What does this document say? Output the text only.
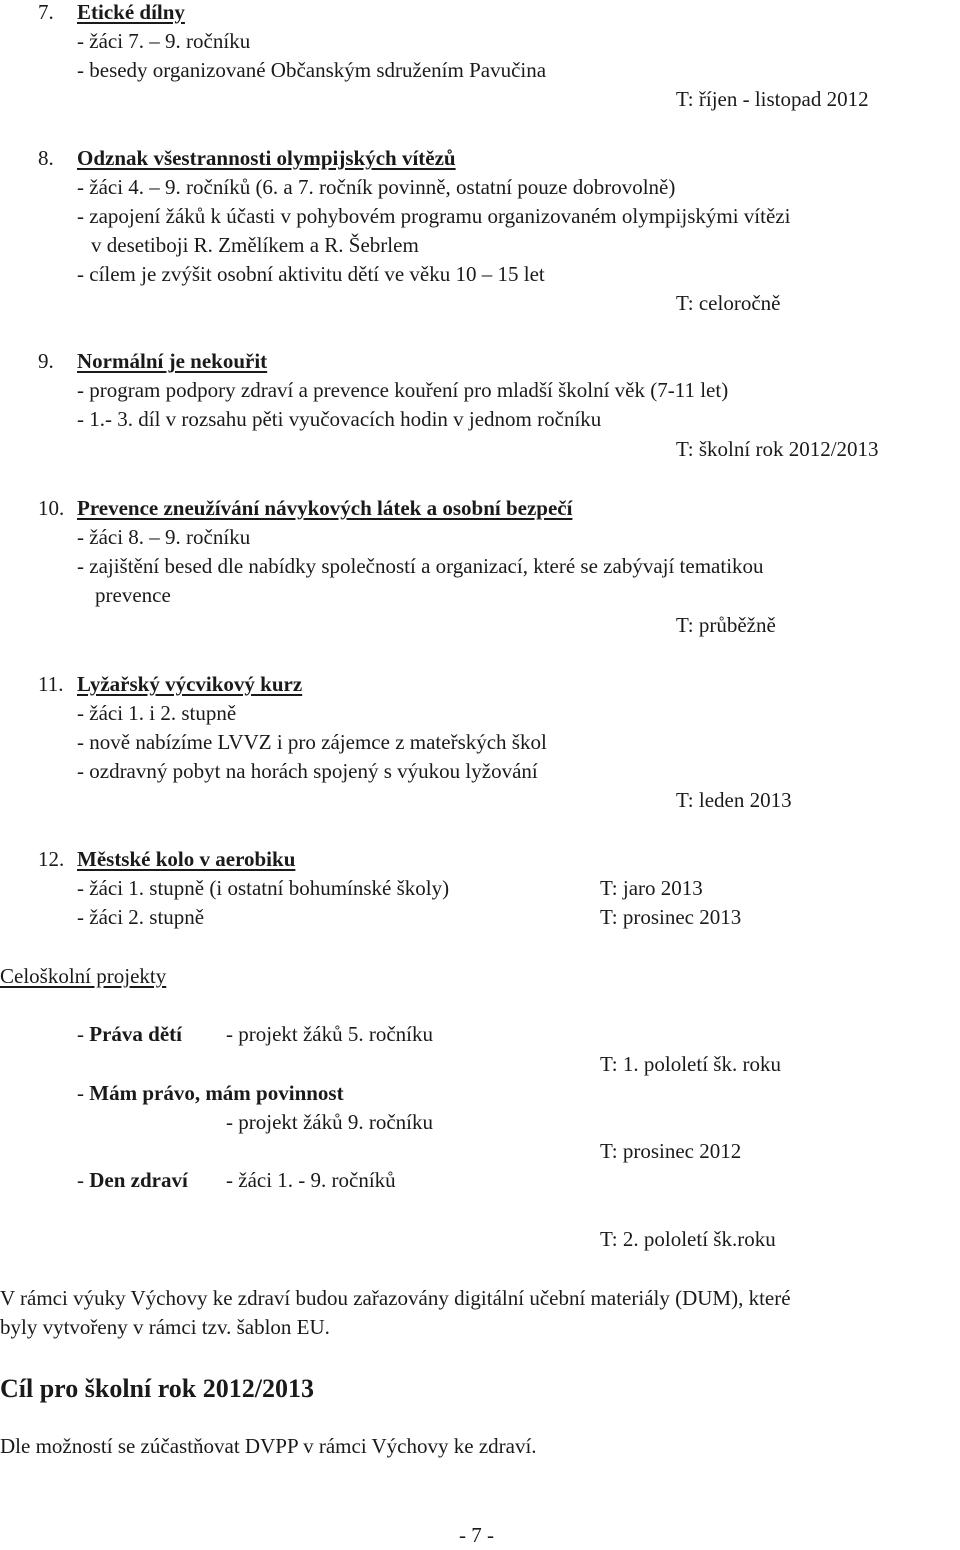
7. Etické dílny
- žáci 7. – 9. ročníku
- besedy organizované Občanským sdružením Pavučina
T: říjen - listopad 2012
8. Odznak všestrannosti olympijských vítězů
- žáci 4. – 9. ročníků (6. a 7. ročník povinně, ostatní pouze dobrovolně)
- zapojení žáků k účasti v pohybovém programu organizovaném olympijskými vítězi
v desetiboji R. Změlíkem a R. Šebrlem
- cílem je zvýšit osobní aktivitu dětí ve věku 10 – 15 let
T: celoročně
9. Normální je nekouřit
- program podpory zdraví a prevence kouření pro mladší školní věk (7-11 let)
- 1.- 3. díl v rozsahu pěti vyučovacích hodin v jednom ročníku
T: školní rok 2012/2013
10. Prevence zneužívání návykových látek a osobní bezpečí
- žáci 8. – 9. ročníku
- zajištění besed dle nabídky společností a organizací, které se zabývají tematikou
prevence
T: průběžně
11. Lyžařský výcvikový kurz
- žáci 1. i 2. stupně
- nově nabízíme LVVZ i pro zájemce z mateřských škol
- ozdravný pobyt na horách spojený s výukou lyžování
T: leden 2013
12. Městské kolo v aerobiku
- žáci 1. stupně (i ostatní bohumínské školy)	T: jaro 2013
- žáci 2. stupně	T: prosinec 2013
Celoškolní projekty
- Práva dětí - projekt žáků 5. ročníku
T: 1. pololetí šk. roku
- Mám právo, mám povinnost
- projekt žáků 9. ročníku
T: prosinec 2012
- Den zdraví - žáci 1. - 9. ročníků
T: 2. pololetí šk.roku
V rámci výuky Výchovy ke zdraví budou zařazovány digitální učební materiály (DUM), které
byly vytvořeny v rámci tzv. šablon EU.
Cíl pro školní rok 2012/2013
Dle možností se zúčastňovat DVPP v rámci Výchovy ke zdraví.
- 7 -
